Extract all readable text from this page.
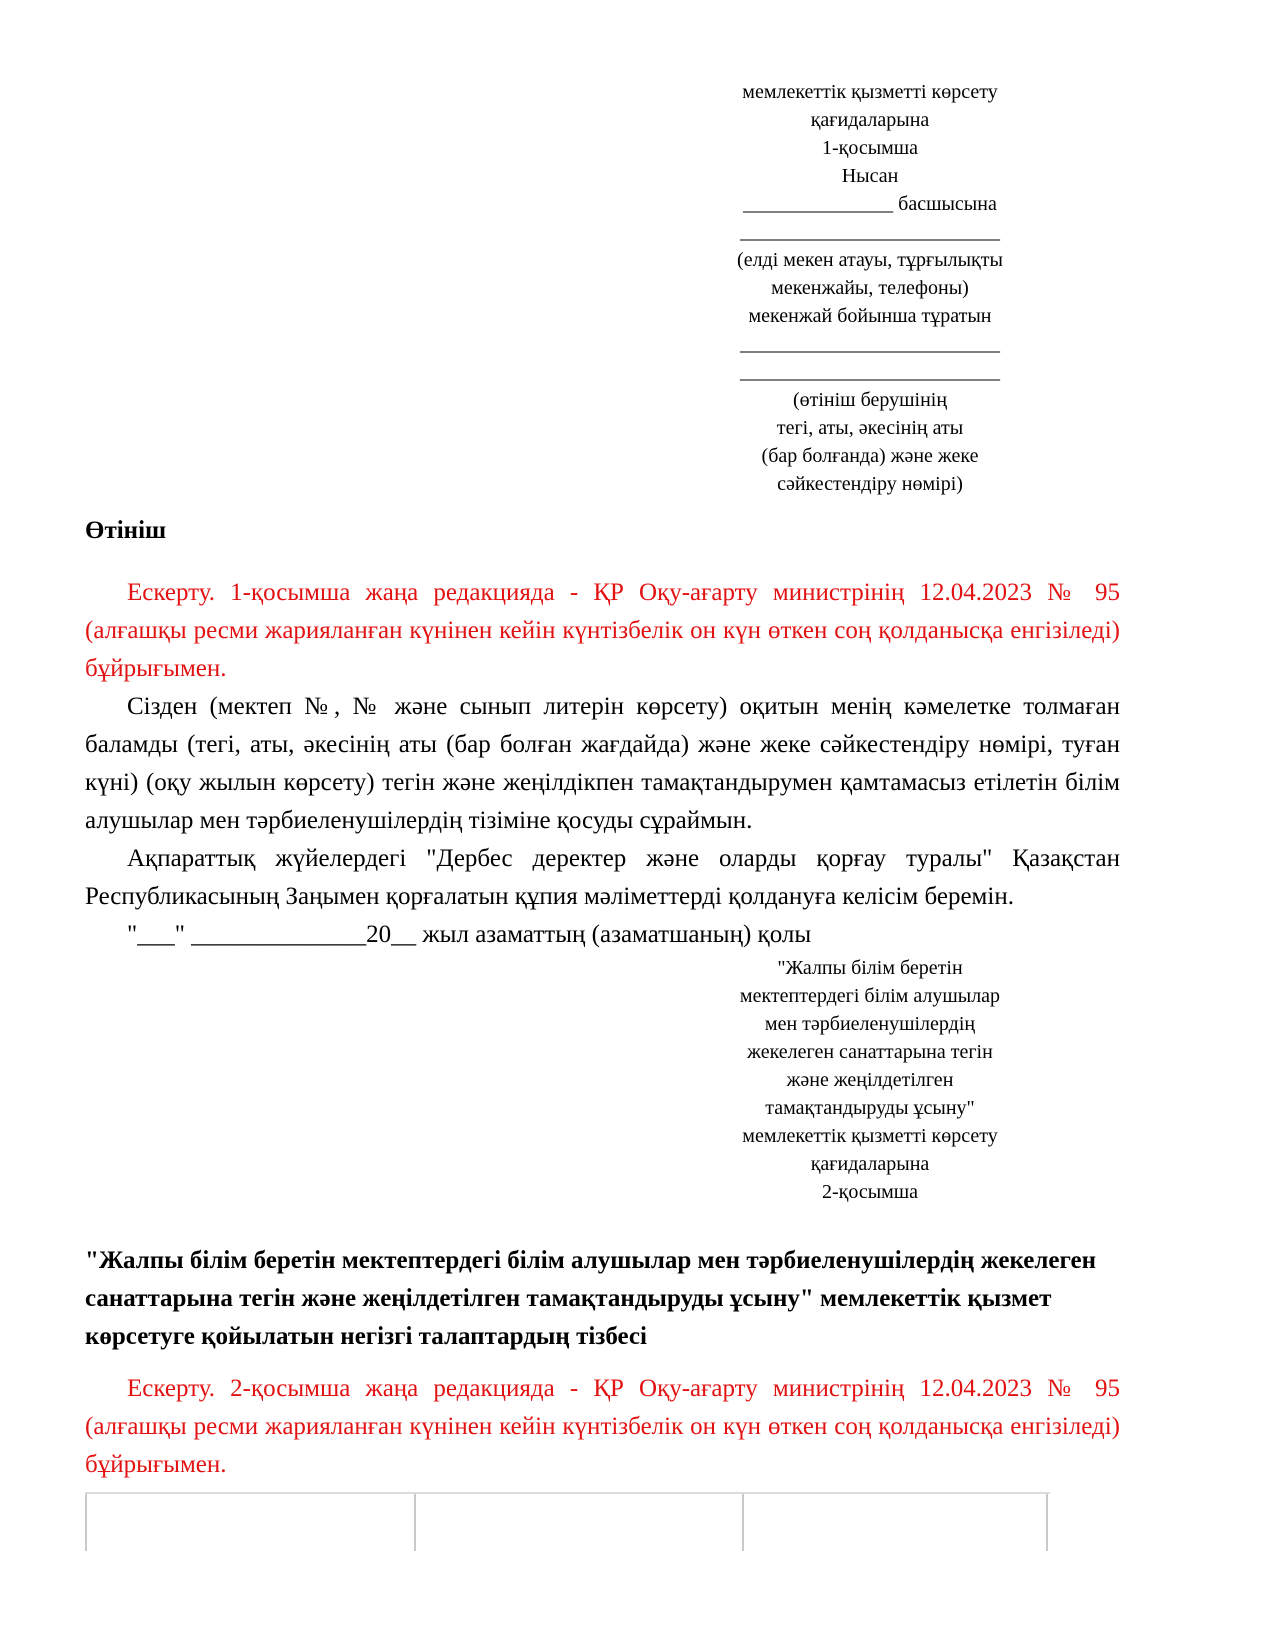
мемлекеттік қызметті көрсету
қағидаларына
1-қосымша
Нысан
_______________ басшысына
__________________________
(елді мекен атауы, тұрғылықты
мекенжайы, телефоны)
мекенжай бойынша тұратын
__________________________
__________________________
(өтініш берушінің
тегі, аты, әкесінің аты
(бар болғанда) және жеке
сәйкестендіру нөмірі)
Өтініш

Ескерту. 1-қосымша жаңа редакцияда - ҚР Оқу-ағарту министрінің 12.04.2023 № 95 (алғашқы ресми жарияланған күнінен кейін күнтізбелік он күн өткен соң қолданысқа енгізіледі) бұйрығымен.

Сізден (мектеп №, № және сынып литерін көрсету) оқитын менің кәмелетке толмаған баламды (тегі, аты, әкесінің аты (бар болған жағдайда) және жеке сәйкестендіру нөмірі, туған күні) (оқу жылын көрсету) тегін және жеңілдікпен тамақтандырумен қамтамасыз етілетін білім алушылар мен тәрбиеленушілердің тізіміне қосуды сұраймын.

Ақпараттық жүйелердегі "Дербес деректер және оларды қорғау туралы" Қазақстан Республикасының Заңымен қорғалатын құпия мәліметтерді қолдануға келісім беремін.

"___" ______________20__ жыл азаматтың (азаматшаның) қолы

"Жалпы білім беретін
мектептердегі білім алушылар
мен тәрбиеленушілердің
жекелеген санаттарына тегін
және жеңілдетілген
тамақтандыруды ұсыну"
мемлекеттік қызметті көрсету
қағидаларына
2-қосымша
"Жалпы білім беретін мектептердегі білім алушылар мен тәрбиеленушілердің жекелеген санаттарына тегін және жеңілдетілген тамақтандыруды ұсыну" мемлекеттік қызмет көрсетуге қойылатын негізгі талаптардың тізбесі

Ескерту. 2-қосымша жаңа редакцияда - ҚР Оқу-ағарту министрінің 12.04.2023 № 95 (алғашқы ресми жарияланған күнінен кейін күнтізбелік он күн өткен соң қолданысқа енгізіледі) бұйрығымен.
